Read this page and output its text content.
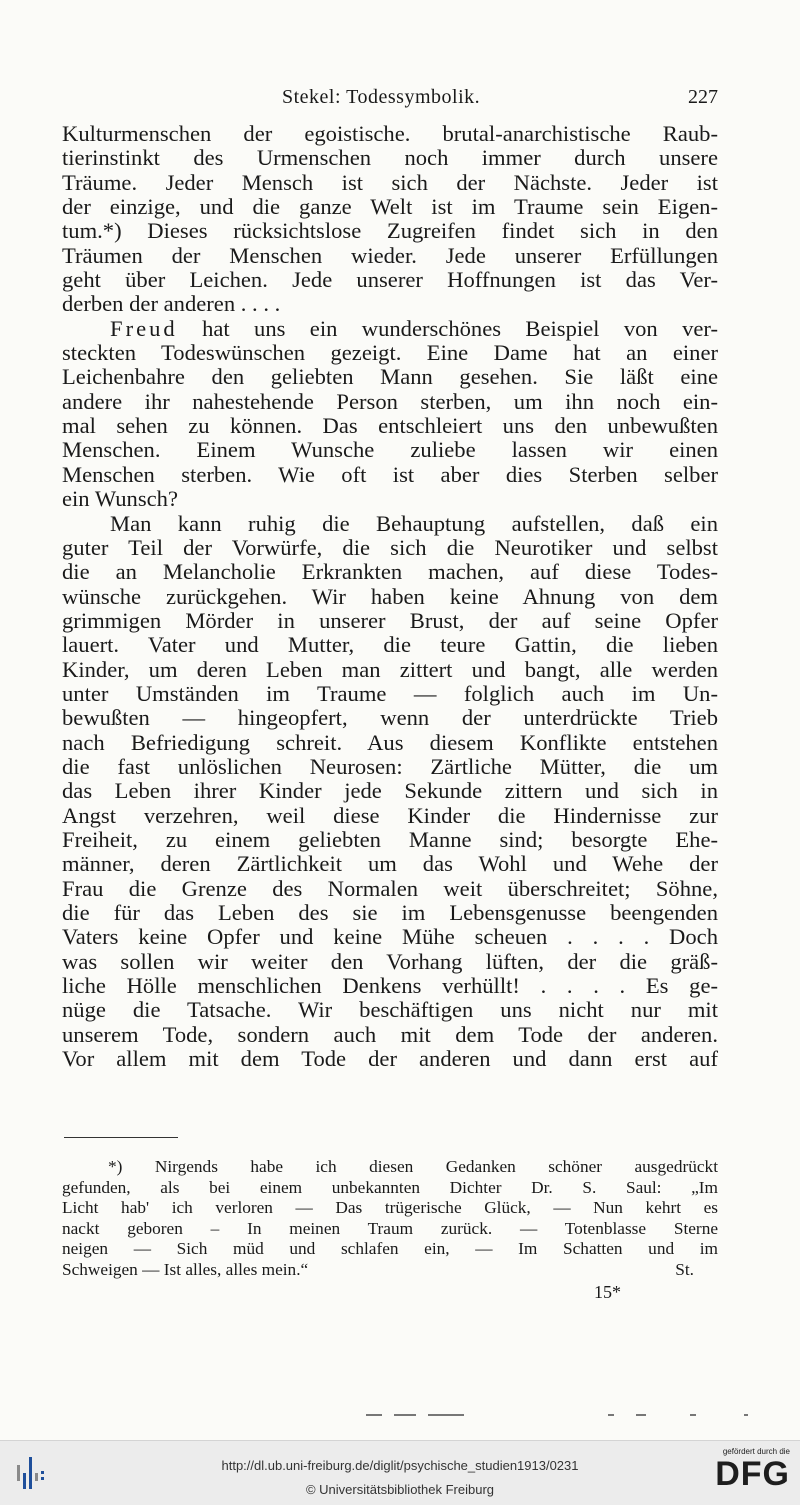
Stekel: Todessymbolik.	227
Kulturmenschen der egoistische. brutal-anarchistische Raub-
tierinstinkt des Urmenschen noch immer durch unsere
Träume. Jeder Mensch ist sich der Nächste. Jeder ist
der einzige, und die ganze Welt ist im Traume sein Eigen-
tum.*) Dieses rücksichtslose Zugreifen findet sich in den
Träumen der Menschen wieder. Jede unserer Erfüllungen
geht über Leichen. Jede unserer Hoffnungen ist das Ver-
derben der anderen . . . .
Freud hat uns ein wunderschönes Beispiel von ver-
steckten Todeswünschen gezeigt. Eine Dame hat an einer
Leichenbahre den geliebten Mann gesehen. Sie läßt eine
andere ihr nahestehende Person sterben, um ihn noch ein-
mal sehen zu können. Das entschleiert uns den unbewußten
Menschen. Einem Wunsche zuliebe lassen wir einen
Menschen sterben. Wie oft ist aber dies Sterben selber
ein Wunsch?
Man kann ruhig die Behauptung aufstellen, daß ein
guter Teil der Vorwürfe, die sich die Neurotiker und selbst
die an Melancholie Erkrankten machen, auf diese Todes-
wünsche zurückgehen. Wir haben keine Ahnung von dem
grimmigen Mörder in unserer Brust, der auf seine Opfer
lauert. Vater und Mutter, die teure Gattin, die lieben
Kinder, um deren Leben man zittert und bangt, alle werden
unter Umständen im Traume — folglich auch im Un-
bewußten — hingeopfert, wenn der unterdrückte Trieb
nach Befriedigung schreit. Aus diesem Konflikte entstehen
die fast unlöslichen Neurosen: Zärtliche Mütter, die um
das Leben ihrer Kinder jede Sekunde zittern und sich in
Angst verzehren, weil diese Kinder die Hindernisse zur
Freiheit, zu einem geliebten Manne sind; besorgte Ehe-
männer, deren Zärtlichkeit um das Wohl und Wehe der
Frau die Grenze des Normalen weit überschreitet; Söhne,
die für das Leben des sie im Lebensgenusse beengenden
Vaters keine Opfer und keine Mühe scheuen . . . . Doch
was sollen wir weiter den Vorhang lüften, der die gräß-
liche Hölle menschlichen Denkens verhüllt! . . . . Es ge-
nüge die Tatsache. Wir beschäftigen uns nicht nur mit
unserem Tode, sondern auch mit dem Tode der anderen.
Vor allem mit dem Tode der anderen und dann erst auf
*) Nirgends habe ich diesen Gedanken schöner ausgedrückt
gefunden, als bei einem unbekannten Dichter Dr. S. Saul: „Im
Licht hab' ich verloren — Das trügerische Glück, — Nun kehrt es
nackt geboren – In meinen Traum zurück. — Totenblasse Sterne
neigen — Sich müd und schlafen ein, — Im Schatten und im
Schweigen — Ist alles, alles mein.“	St.
15*
http://dl.ub.uni-freiburg.de/diglit/psychische_studien1913/0231
© Universitätsbibliothek Freiburg
gefördert durch die
DFG
